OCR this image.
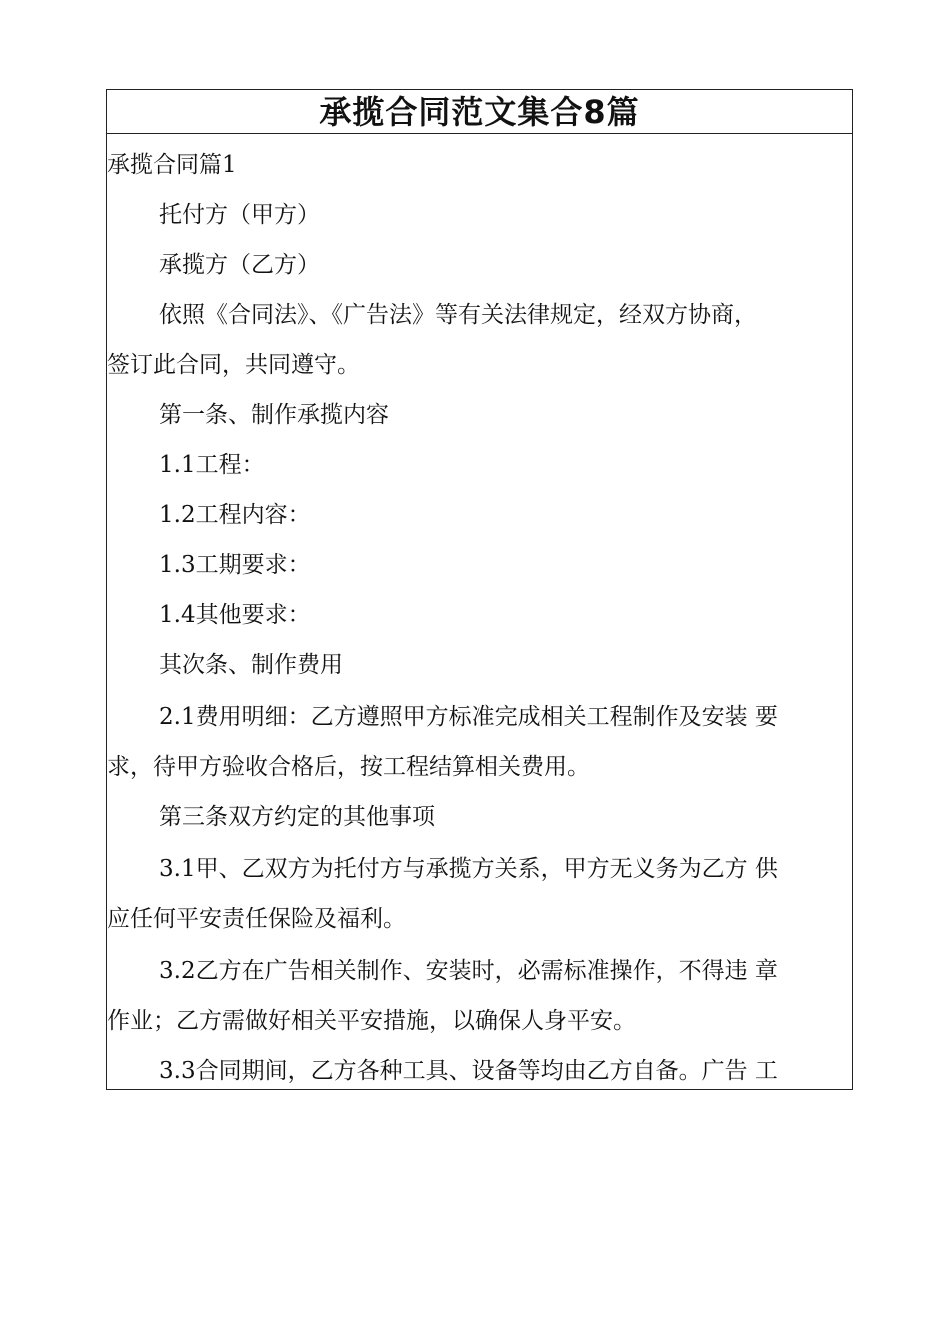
承揽合同范文集合8篇

承揽合同篇1

托付方（甲方）

承揽方（乙方）

依照《合同法》、《广告法》等有关法律规定，经双方协商，

签订此合同，共同遵守。

第一条、制作承揽内容

1.1工程：

1.2工程内容：

1.3工期要求：

1.4其他要求：

其次条、制作费用

2.1费用明细：乙方遵照甲方标准完成相关工程制作及安装 要

求，待甲方验收合格后，按工程结算相关费用。

第三条双方约定的其他事项

3.1甲、乙双方为托付方与承揽方关系，甲方无义务为乙方 供

应任何平安责任保险及福利。

3.2乙方在广告相关制作、安装时，必需标准操作，不得违 章

作业；乙方需做好相关平安措施，以确保人身平安。

3.3合同期间，乙方各种工具、设备等均由乙方自备。广告 工
